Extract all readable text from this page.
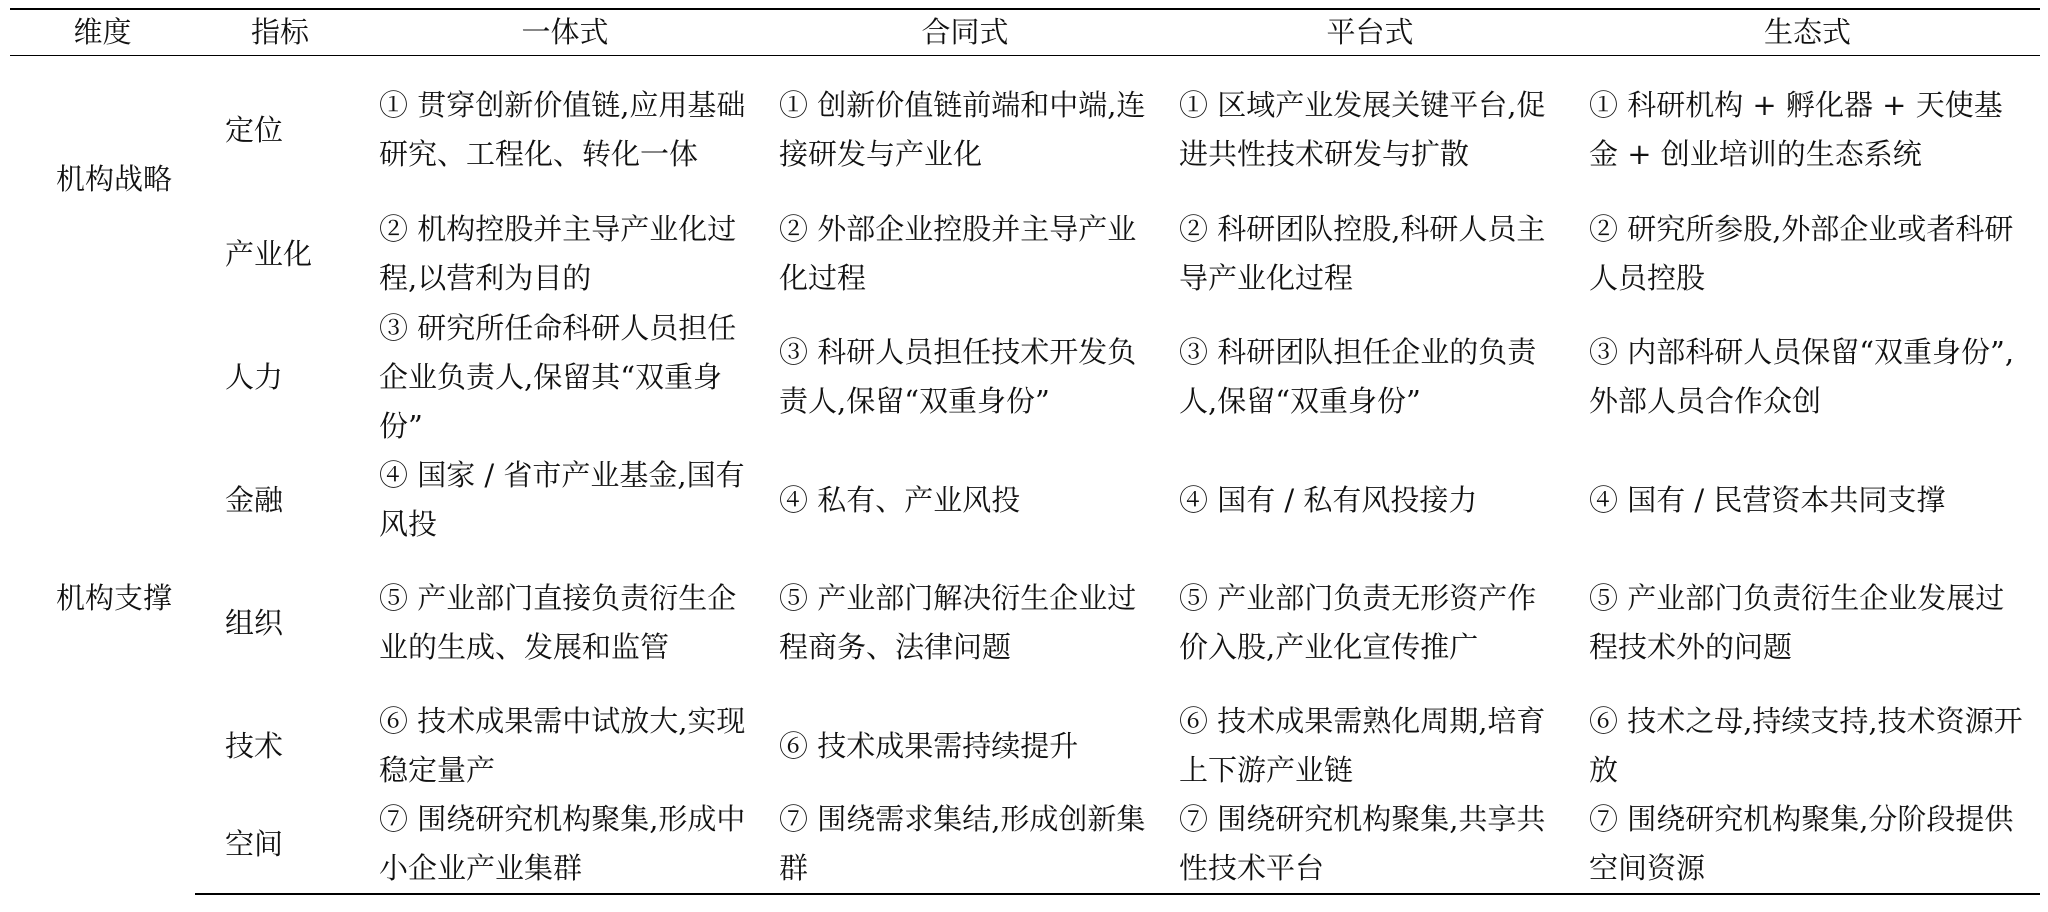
维度	指标	一体式	合同式	平台式	生态式
机构战略	定位	① 贯穿创新价值链,应用基础研究、工程化、转化一体	① 创新价值链前端和中端,连接研发与产业化	① 区域产业发展关键平台,促进共性技术研发与扩散	① 科研机构 + 孵化器 + 天使基金 + 创业培训的生态系统
	产业化	② 机构控股并主导产业化过程,以营利为目的	② 外部企业控股并主导产业化过程	② 科研团队控股,科研人员主导产业化过程	② 研究所参股,外部企业或者科研人员控股
机构支撑	人力	③ 研究所任命科研人员担任企业负责人,保留其“双重身份”	③ 科研人员担任技术开发负责人,保留“双重身份”	③ 科研团队担任企业的负责人,保留“双重身份”	③ 内部科研人员保留“双重身份”,外部人员合作众创
	金融	④ 国家 / 省市产业基金,国有风投	④ 私有、产业风投	④ 国有 / 私有风投接力	④ 国有 / 民营资本共同支撑
	组织	⑤ 产业部门直接负责衍生企业的生成、发展和监管	⑤ 产业部门解决衍生企业过程商务、法律问题	⑤ 产业部门负责无形资产作价入股,产业化宣传推广	⑤ 产业部门负责衍生企业发展过程技术外的问题
	技术	⑥ 技术成果需中试放大,实现稳定量产	⑥ 技术成果需持续提升	⑥ 技术成果需熟化周期,培育上下游产业链	⑥ 技术之母,持续支持,技术资源开放
	空间	⑦ 围绕研究机构聚集,形成中小企业产业集群	⑦ 围绕需求集结,形成创新集群	⑦ 围绕研究机构聚集,共享共性技术平台	⑦ 围绕研究机构聚集,分阶段提供空间资源
